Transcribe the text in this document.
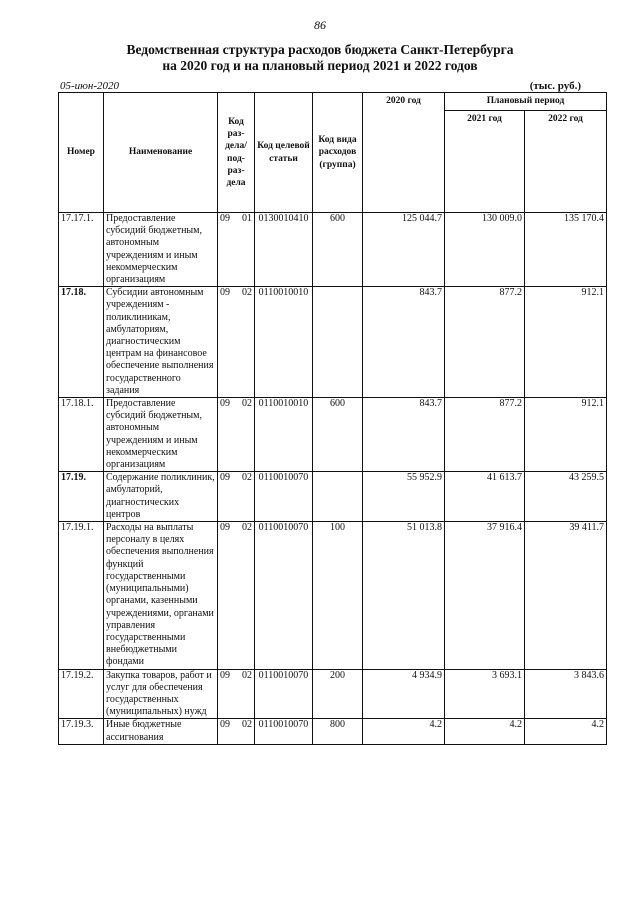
86
Ведомственная структура расходов бюджета Санкт-Петербурга
на 2020 год и на плановый период 2021 и 2022 годов
05-июн-2020	(тыс. руб.)
Номер	Наименование	Код раз-дела/ под-раз-дела	Код целевой статьи	Код вида расходов (группа)	2020 год	Плановый период	
						2021 год	2022 год
17.17.1.	Предоставление субсидий бюджетным, автономным учреждениям и иным некоммерческим организациям	09 01	0130010410	600	125 044.7	130 009.0	135 170.4
17.18.	Субсидии автономным учреждениям - поликлиникам, амбулаториям, диагностическим центрам на финансовое обеспечение выполнения государственного задания	09 02	0110010010		843.7	877.2	912.1
17.18.1.	Предоставление субсидий бюджетным, автономным учреждениям и иным некоммерческим организациям	09 02	0110010010	600	843.7	877.2	912.1
17.19.	Содержание поликлиник, амбулаторий, диагностических центров	09 02	0110010070		55 952.9	41 613.7	43 259.5
17.19.1.	Расходы на выплаты персоналу в целях обеспечения выполнения функций государственными (муниципальными) органами, казенными учреждениями, органами управления государственными внебюджетными фондами	09 02	0110010070	100	51 013.8	37 916.4	39 411.7
17.19.2.	Закупка товаров, работ и услуг для обеспечения государственных (муниципальных) нужд	09 02	0110010070	200	4 934.9	3 693.1	3 843.6
17.19.3.	Иные бюджетные ассигнования	09 02	0110010070	800	4.2	4.2	4.2
